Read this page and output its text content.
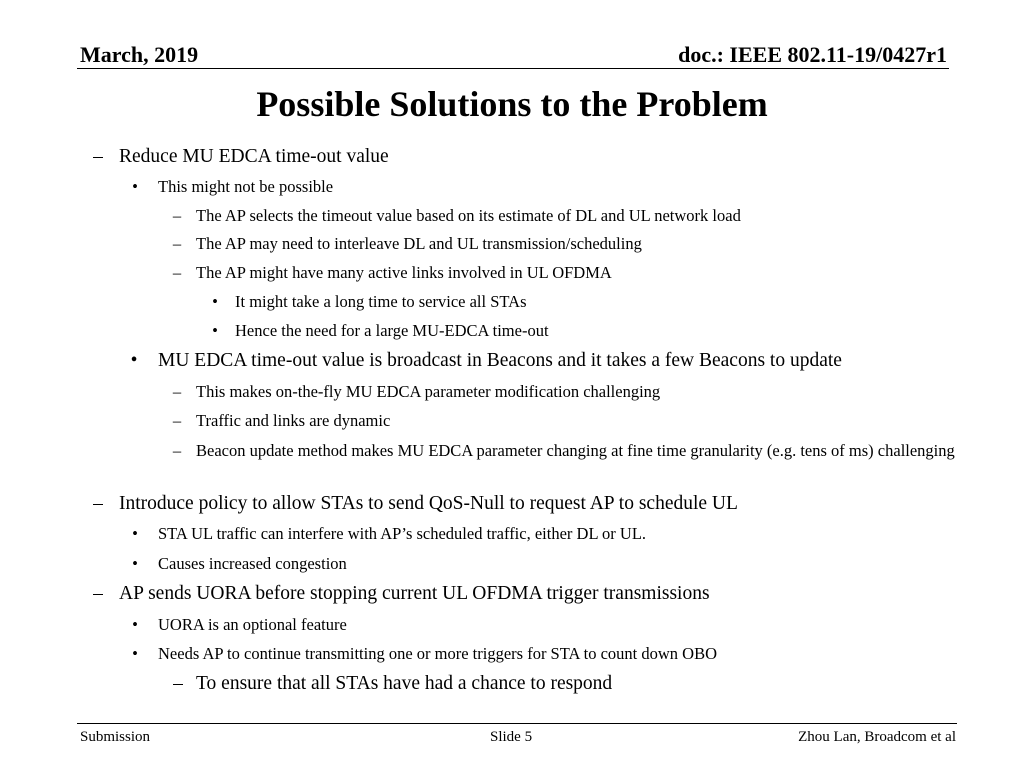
March, 2019	doc.: IEEE 802.11-19/0427r1
Possible Solutions to the Problem
– Reduce MU EDCA time-out value
• This might not be possible
– The AP selects the timeout value based on its estimate of DL and UL network load
– The AP may need to interleave DL and UL transmission/scheduling
– The AP might have many active links involved in UL OFDMA
• It might take a long time to service all STAs
• Hence the need for a large MU-EDCA time-out
• MU EDCA time-out value is broadcast in Beacons and it takes a few Beacons to update
– This makes on-the-fly MU EDCA parameter modification challenging
– Traffic and links are dynamic
– Beacon update method makes MU EDCA parameter changing at fine time granularity (e.g. tens of ms) challenging
– Introduce policy to allow STAs to send QoS-Null to request AP to schedule UL
• STA UL traffic can interfere with AP’s scheduled traffic, either DL or UL.
• Causes increased congestion
– AP sends UORA before stopping current UL OFDMA trigger transmissions
• UORA is an optional feature
• Needs AP to continue transmitting one or more triggers for STA to count down OBO
– To ensure that all STAs have had a chance to respond
Submission	Slide 5	Zhou Lan, Broadcom et al
